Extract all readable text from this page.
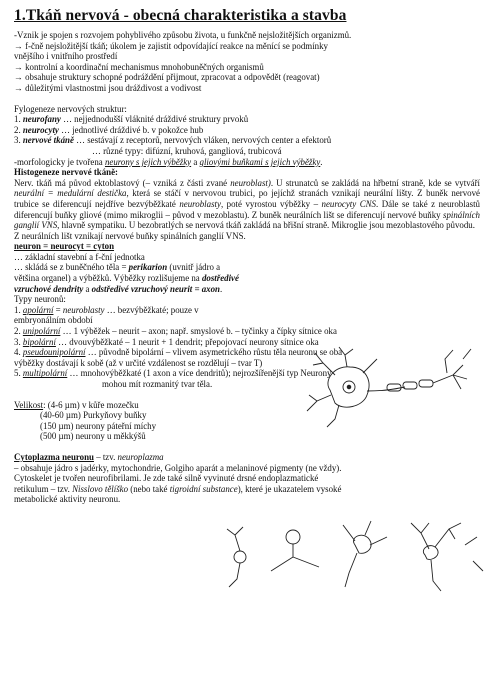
1.Tkáň nervová - obecná charakteristika a stavba

-Vznik je spojen s rozvojem pohyblivého způsobu života, u funkčně nejsložitějších organizmů.

→ f-čně nejsložitější tkáň; úkolem je zajistit odpovídající reakce na měnící se podmínky

vnějšího i vnitřního prostředí

→ kontrolní a koordinační mechanismus mnohobuněčných organismů

→ obsahuje struktury schopné podráždění přijmout, zpracovat a odpovědět (reagovat)

→ důležitými vlastnostmi jsou dráždivost a vodivost

Fylogeneze nervových struktur:

1. neurofany … nejjednodušší vláknité dráždivé struktury prvoků

2. neurocyty … jednotlivé dráždivé b. v pokožce hub

3. nervové tkáně … sestávají z receptorů, nervových vláken, nervových center a efektorů

… různé typy: difúzní, kruhová, gangliová, trubicová

-morfologicky je tvořena neurony s jejich výběžky a gliovými buňkami s jejich výběžky.

Histogeneze nervové tkáně:

Nerv. tkáň má původ ektoblastový (– vzniká z části zvané neuroblast). U strunatců se zakládá na hřbetní straně, kde se vytváří neurální = medulární destička, která se stáčí v nervovou trubici, po jejíchž stranách vznikají neurální lišty. Z buněk nervové trubice se diferencují nejdříve bezvýběžkaté neuroblasty, poté vyrostou výběžky – neurocyty CNS. Dále se také z neuroblastů diferencují buňky gliové (mimo mikroglii – původ v mezoblastu). Z buněk neurálních lišt se diferencují nervové buňky spinálních ganglií VNS, hlavně sympatiku. U bezobratlých se nervová tkáň zakládá na břišní straně. Mikroglie jsou mezoblastového původu.

Z neurálních lišt vznikají nervové buňky spinálních ganglií VNS.

neuron = neurocyt = cyton

… základní stavební a f-ční jednotka

… skládá se z buněčného těla = perikarion (uvnitř jádro a

většina organel) a výběžků. Výběžky rozlišujeme na dostředivé

vzruchové dendrity a odstředivé vzruchový neurit = axon.

Typy neuronů:

1. apolární = neuroblasty … bezvýběžkaté; pouze v

embryonálním období

2. unipolární … 1 výběžek – neurit – axon; např. smyslové b. – tyčinky a čípky sítnice oka

3. bipolární … dvouvýběžkaté – 1 neurit + 1 dendrit; přepojovací neurony sítnice oka

4. pseudounipolární … původně bipolární – vlivem asymetrického růstu těla neuronu se oba

výběžky dostávají k sobě (až v určité vzdálenost se rozdělují – tvar T)

5. multipolární … mnohovýběžkaté (1 axon a více dendritů); nejrozšířenější typ Neurony

mohou mít rozmanitý tvar těla.

Velikost: (4-6 µm) v kůře mozečku

(40-60 µm) Purkyňovy buňky

(150 µm) neurony páteřní míchy

(500 µm) neurony u měkkýšů

Cytoplazma neuronu – tzv. neuroplazma

– obsahuje jádro s jadérky, mytochondrie, Golgiho aparát a melaninové pigmenty (ne vždy).

Cytoskelet je tvořen neurofibrilami. Je zde také silně vyvinuté drsné endoplazmatické

retikulum – tzv. Nisslovo tělíško (nebo také tigroidní substance), které je ukazatelem vysoké

metabolické aktivity neuronu.
